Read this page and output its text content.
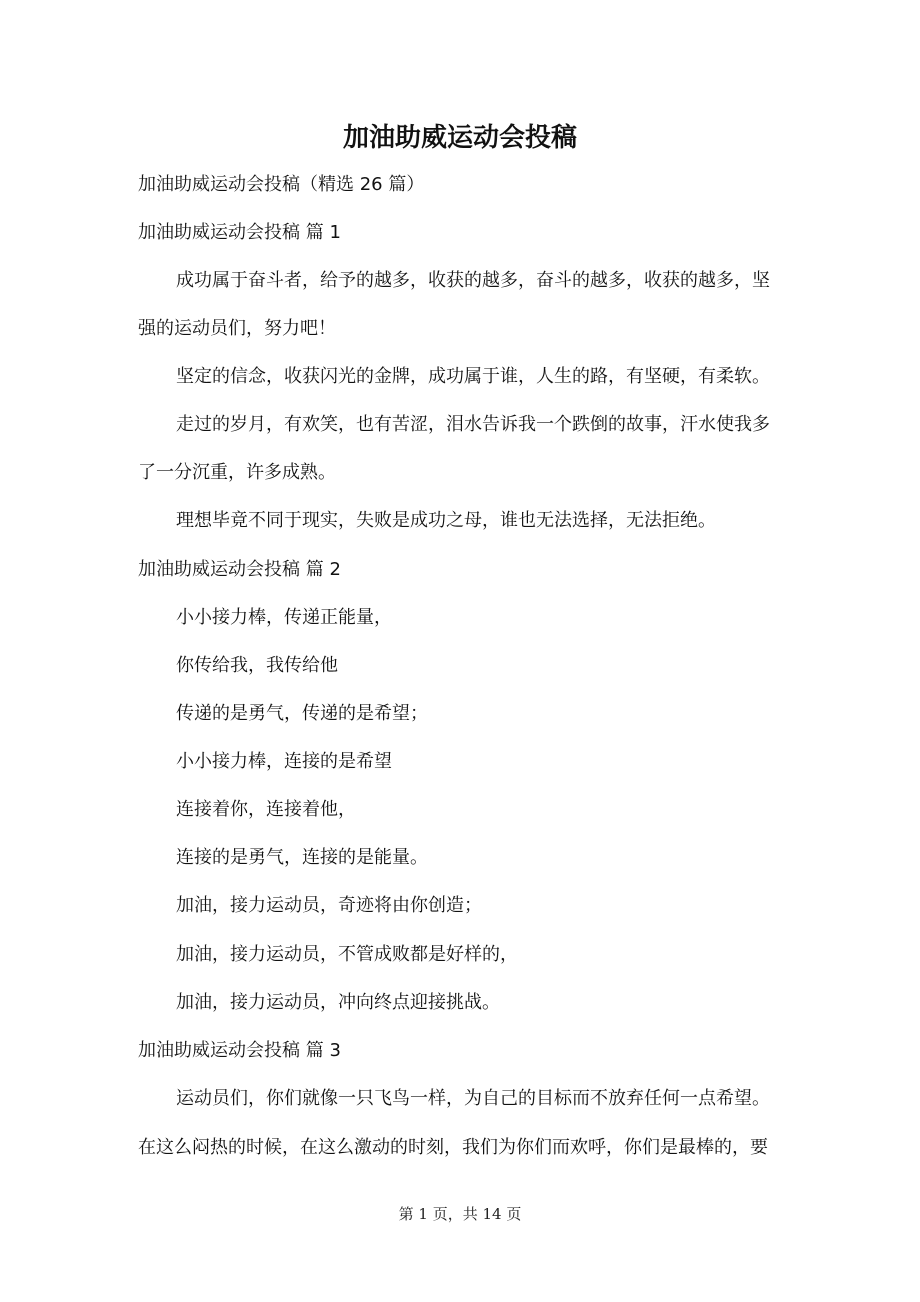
加油助威运动会投稿
加油助威运动会投稿（精选 26 篇）
加油助威运动会投稿 篇 1
成功属于奋斗者，给予的越多，收获的越多，奋斗的越多，收获的越多，坚
强的运动员们，努力吧！
坚定的信念，收获闪光的金牌，成功属于谁，人生的路，有坚硬，有柔软。
走过的岁月，有欢笑，也有苦涩，泪水告诉我一个跌倒的故事，汗水使我多
了一分沉重，许多成熟。
理想毕竟不同于现实，失败是成功之母，谁也无法选择，无法拒绝。
加油助威运动会投稿 篇 2
小小接力棒，传递正能量，
你传给我，我传给他
传递的是勇气，传递的是希望；
小小接力棒，连接的是希望
连接着你，连接着他，
连接的是勇气，连接的是能量。
加油，接力运动员，奇迹将由你创造；
加油，接力运动员，不管成败都是好样的，
加油，接力运动员，冲向终点迎接挑战。
加油助威运动会投稿 篇 3
运动员们，你们就像一只飞鸟一样，为自己的目标而不放弃任何一点希望。
在这么闷热的时候，在这么激动的时刻，我们为你们而欢呼，你们是最棒的，要
第 1 页，共 14 页
